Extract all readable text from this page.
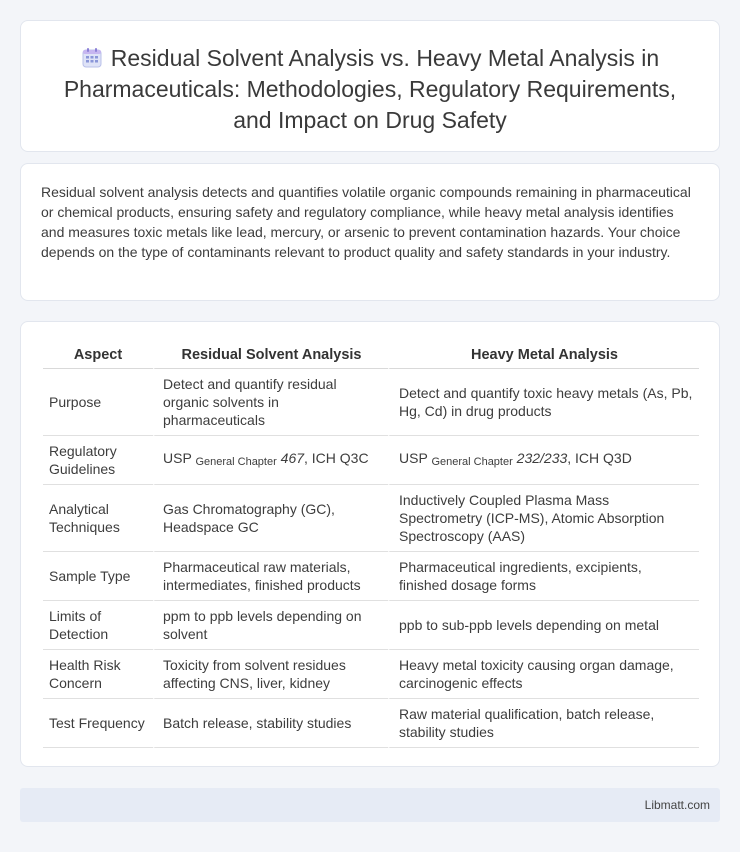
Residual Solvent Analysis vs. Heavy Metal Analysis in Pharmaceuticals: Methodologies, Regulatory Requirements, and Impact on Drug Safety

Residual solvent analysis detects and quantifies volatile organic compounds remaining in pharmaceutical or chemical products, ensuring safety and regulatory compliance, while heavy metal analysis identifies and measures toxic metals like lead, mercury, or arsenic to prevent contamination hazards. Your choice depends on the type of contaminants relevant to product quality and safety standards in your industry.

Aspect	Residual Solvent Analysis	Heavy Metal Analysis
Purpose	Detect and quantify residual organic solvents in pharmaceuticals	Detect and quantify toxic heavy metals (As, Pb, Hg, Cd) in drug products
Regulatory Guidelines	USP General Chapter 467, ICH Q3C	USP General Chapter 232/233, ICH Q3D
Analytical Techniques	Gas Chromatography (GC), Headspace GC	Inductively Coupled Plasma Mass Spectrometry (ICP-MS), Atomic Absorption Spectroscopy (AAS)
Sample Type	Pharmaceutical raw materials, intermediates, finished products	Pharmaceutical ingredients, excipients, finished dosage forms
Limits of Detection	ppm to ppb levels depending on solvent	ppb to sub-ppb levels depending on metal
Health Risk Concern	Toxicity from solvent residues affecting CNS, liver, kidney	Heavy metal toxicity causing organ damage, carcinogenic effects
Test Frequency	Batch release, stability studies	Raw material qualification, batch release, stability studies
Libmatt.com
